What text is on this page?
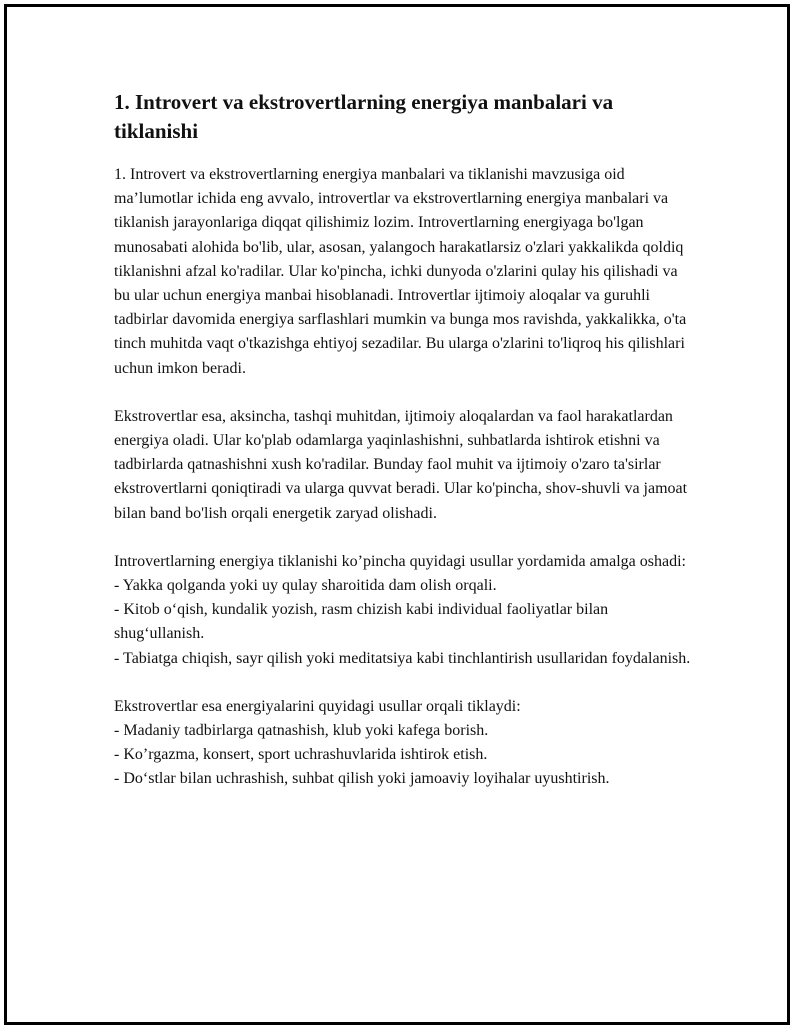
1. Introvert va ekstrovertlarning energiya manbalari va tiklanishi

1. Introvert va ekstrovertlarning energiya manbalari va tiklanishi mavzusiga oid ma’lumotlar ichida eng avvalo, introvertlar va ekstrovertlarning energiya manbalari va tiklanish jarayonlariga diqqat qilishimiz lozim. Introvertlarning energiyaga bo'lgan munosabati alohida bo'lib, ular, asosan, yalangoch harakatlarsiz o'zlari yakkalikda qoldiq tiklanishni afzal ko'radilar. Ular ko'pincha, ichki dunyoda o'zlarini qulay his qilishadi va bu ular uchun energiya manbai hisoblanadi. Introvertlar ijtimoiy aloqalar va guruhli tadbirlar davomida energiya sarflashlari mumkin va bunga mos ravishda, yakkalikka, o'ta tinch muhitda vaqt o'tkazishga ehtiyoj sezadilar. Bu ularga o'zlarini to'liqroq his qilishlari uchun imkon beradi.

Ekstrovertlar esa, aksincha, tashqi muhitdan, ijtimoiy aloqalardan va faol harakatlardan energiya oladi. Ular ko'plab odamlarga yaqinlashishni, suhbatlarda ishtirok etishni va tadbirlarda qatnashishni xush ko'radilar. Bunday faol muhit va ijtimoiy o'zaro ta'sirlar ekstrovertlarni qoniqtiradi va ularga quvvat beradi. Ular ko'pincha, shov-shuvli va jamoat bilan band bo'lish orqali energetik zaryad olishadi.

Introvertlarning energiya tiklanishi ko’pincha quyidagi usullar yordamida amalga oshadi:
- Yakka qolganda yoki uy qulay sharoitida dam olish orqali.
- Kitob o‘qish, kundalik yozish, rasm chizish kabi individual faoliyatlar bilan shug‘ullanish.
- Tabiatga chiqish, sayr qilish yoki meditatsiya kabi tinchlantirish usullaridan foydalanish.

Ekstrovertlar esa energiyalarini quyidagi usullar orqali tiklaydi:
- Madaniy tadbirlarga qatnashish, klub yoki kafega borish.
- Ko’rgazma, konsert, sport uchrashuvlarida ishtirok etish.
- Do‘stlar bilan uchrashish, suhbat qilish yoki jamoaviy loyihalar uyushtirish.
